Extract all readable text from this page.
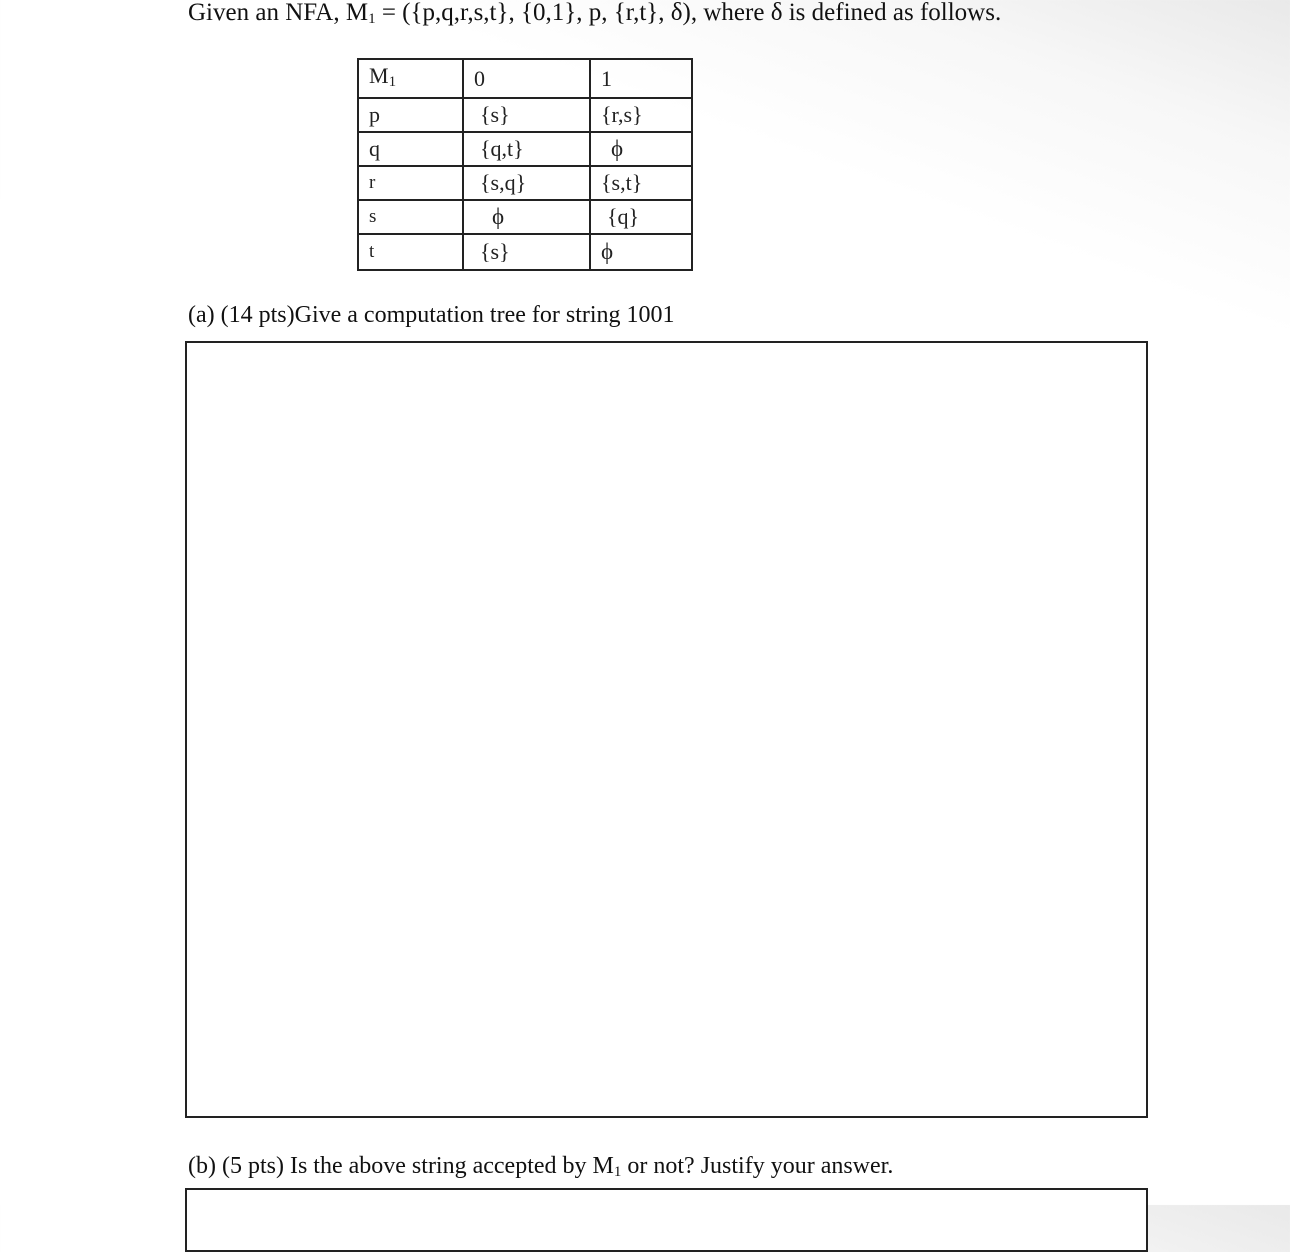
Given an NFA, $M_1 = (\{p,q,r,s,t\}$, {0,1}, p, {r,t}, δ), where δ is defined as follows.
$M_1$	0	1
p	{s}	{r,s}
q	{q,t}	ϕ
r	{s,q}	{s,t}
s	ϕ	{q}
t	{s}	ϕ
(a) (14 pts)Give a computation tree for string 1001
(b) (5 pts) Is the above string accepted by $M_1$ or not? Justify your answer.
